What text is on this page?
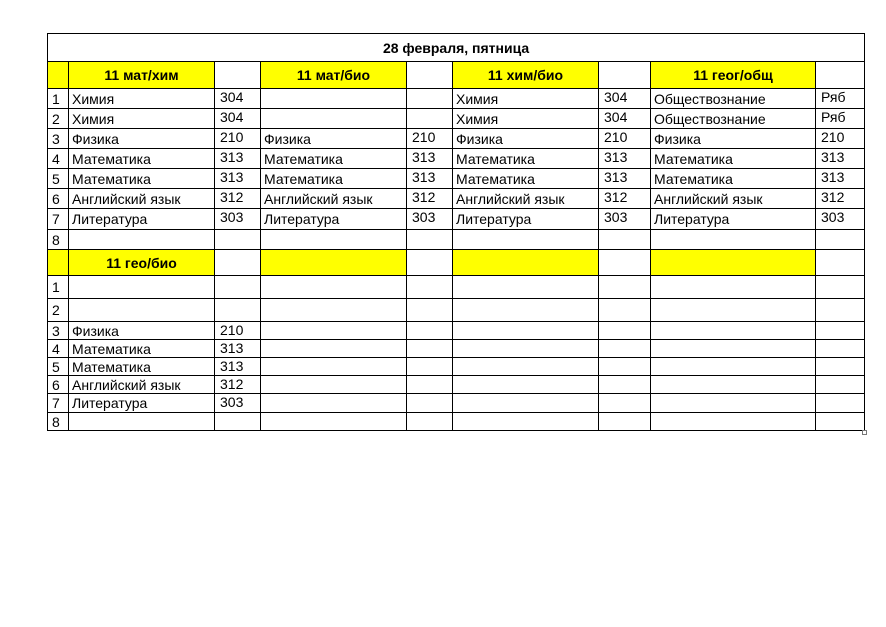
28 февраля, пятница								
	11 мат/хим		11 мат/био		11 хим/био		11 геог/общ	
1	Химия	304			Химия	304	Обществознание	Ряб
2	Химия	304			Химия	304	Обществознание	Ряб
3	Физика	210	Физика	210	Физика	210	Физика	210
4	Математика	313	Математика	313	Математика	313	Математика	313
5	Математика	313	Математика	313	Математика	313	Математика	313
6	Английский язык	312	Английский язык	312	Английский язык	312	Английский язык	312
7	Литература	303	Литература	303	Литература	303	Литература	303
8								
	11 гео/био							
1								
2								
3	Физика	210						
4	Математика	313						
5	Математика	313						
6	Английский язык	312						
7	Литература	303						
8								
